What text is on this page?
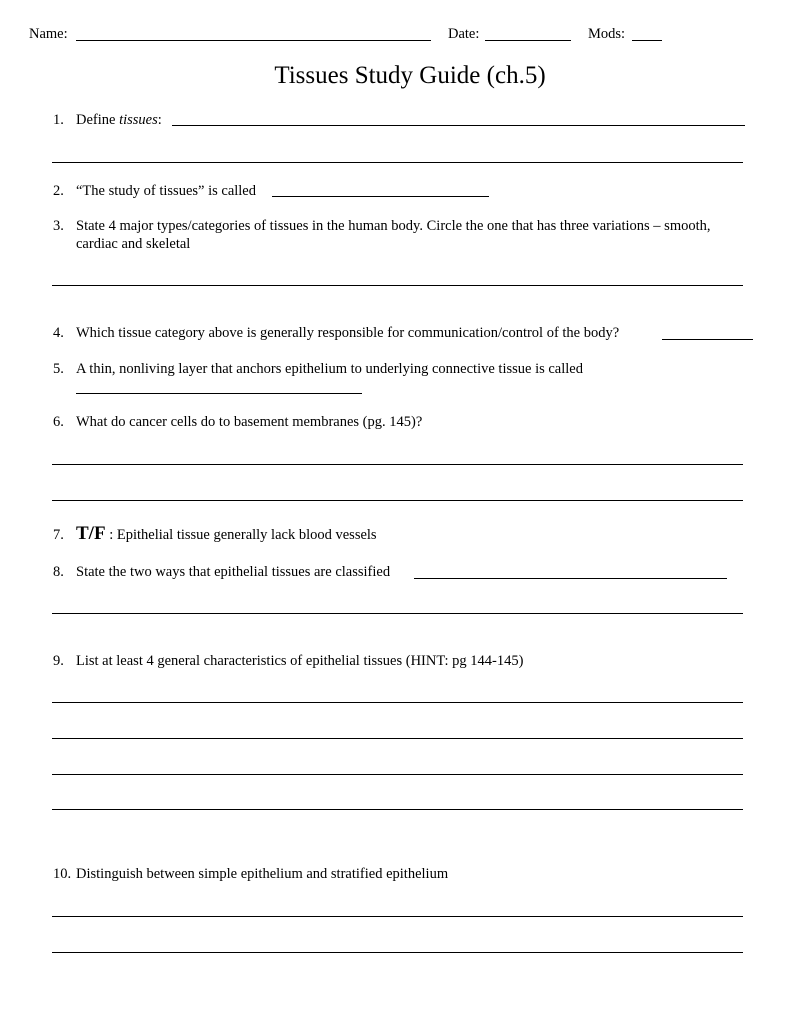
Name:	Date:	Mods:
Tissues Study Guide (ch.5)
1. Define tissues:
2. “The study of tissues” is called
3. State 4 major types/categories of tissues in the human body. Circle the one that has three variations – smooth,
cardiac and skeletal
4. Which tissue category above is generally responsible for communication/control of the body?
5. A thin, nonliving layer that anchors epithelium to underlying connective tissue is called
6. What do cancer cells do to basement membranes (pg. 145)?
7. T/F : Epithelial tissue generally lack blood vessels
8. State the two ways that epithelial tissues are classified
9. List at least 4 general characteristics of epithelial tissues (HINT: pg 144-145)
10. Distinguish between simple epithelium and stratified epithelium
